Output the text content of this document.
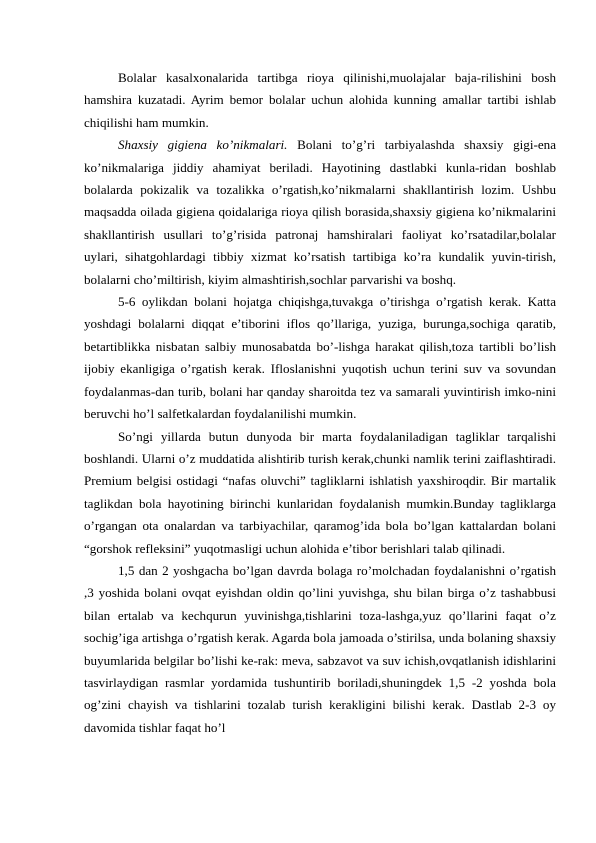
Bolalar kasalxonalarida tartibga rioya qilinishi,muolajalar baja-rilishini bosh hamshira kuzatadi. Ayrim bemor bolalar uchun alohida kunning amallar tartibi ishlab chiqilishi ham mumkin.

Shaxsiy gigiena ko’nikmalari. Bolani to’g’ri tarbiyalashda shaxsiy gigi-ena ko’nikmalariga jiddiy ahamiyat beriladi. Hayotining dastlabki kunla-ridan boshlab bolalarda pokizalik va tozalikka o’rgatish,ko’nikmalarni shakllantirish lozim. Ushbu maqsadda oilada gigiena qoidalariga rioya qilish borasida,shaxsiy gigiena ko’nikmalarini shakllantirish usullari to’g’risida patronaj hamshiralari faoliyat ko’rsatadilar,bolalar uylari, sihatgohlardagi tibbiy xizmat ko’rsatish tartibiga ko’ra kundalik yuvin-tirish, bolalarni cho’miltirish, kiyim almashtirish,sochlar parvarishi va boshq.

5-6 oylikdan bolani hojatga chiqishga,tuvakga o’tirishga o’rgatish kerak. Katta yoshdagi bolalarni diqqat e’tiborini iflos qo’llariga, yuziga, burunga,sochiga qaratib, betartiblikka nisbatan salbiy munosabatda bo’-lishga harakat qilish,toza tartibli bo’lish ijobiy ekanligiga o’rgatish kerak. Ifloslanishni yuqotish uchun terini suv va sovundan foydalanmas-dan turib, bolani har qanday sharoitda tez va samarali yuvintirish imko-nini beruvchi ho’l salfetkalardan foydalanilishi mumkin.

So’ngi yillarda butun dunyoda bir marta foydalaniladigan tagliklar tarqalishi boshlandi. Ularni o’z muddatida alishtirib turish kerak,chunki namlik terini zaiflashtiradi. Premium belgisi ostidagi “nafas oluvchi” tagliklarni ishlatish yaxshiroqdir. Bir martalik taglikdan bola hayotining birinchi kunlaridan foydalanish mumkin.Bunday tagliklarga o’rgangan ota onalardan va tarbiyachilar, qaramog’ida bola bo’lgan kattalardan bolani “gorshok refleksini” yuqotmasligi uchun alohida e’tibor berishlari talab qilinadi.

1,5 dan 2 yoshgacha bo’lgan davrda bolaga ro’molchadan foydalanishni o’rgatish ,3 yoshida bolani ovqat eyishdan oldin qo’lini yuvishga, shu bilan birga o’z tashabbusi bilan ertalab va kechqurun yuvinishga,tishlarini toza-lashga,yuz qo’llarini faqat o’z sochig’iga artishga o’rgatish kerak. Agarda bola jamoada o’stirilsa, unda bolaning shaxsiy buyumlarida belgilar bo’lishi ke-rak: meva, sabzavot va suv ichish,ovqatlanish idishlarini tasvirlaydigan rasmlar yordamida tushuntirib boriladi,shuningdek 1,5 -2 yoshda bola og’zini chayish va tishlarini tozalab turish kerakligini bilishi kerak. Dastlab 2-3 oy davomida tishlar faqat ho’l
